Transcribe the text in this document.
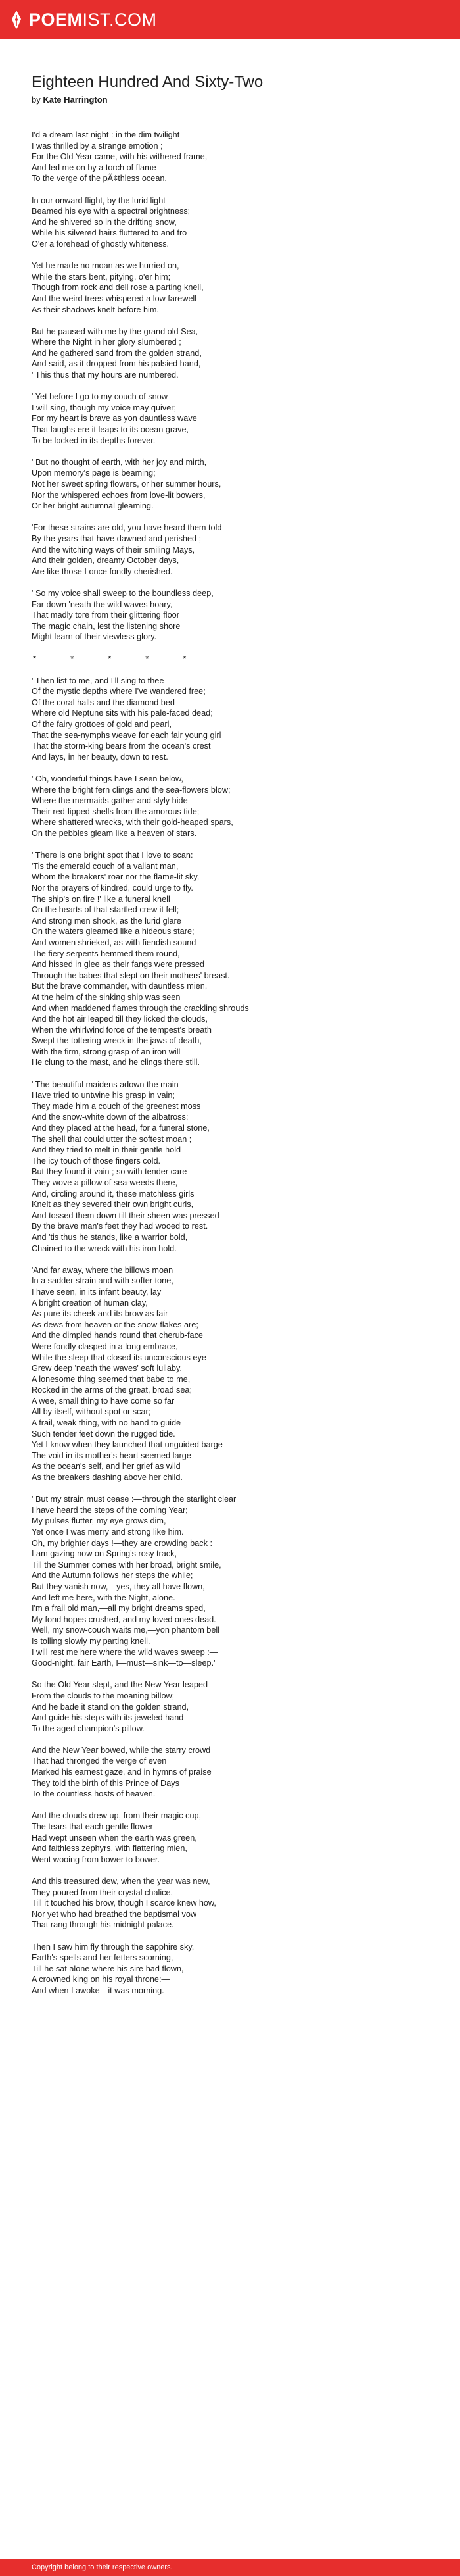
POEMIST.COM
Eighteen Hundred And Sixty-Two
by Kate Harrington
I'd a dream last night : in the dim twilight
I was thrilled by a strange emotion ;
For the Old Year came, with his withered frame,
And led me on by a torch of flame
To the verge of the pÃ¢thless ocean.
In our onward flight, by the lurid light
Beamed his eye with a spectral brightness;
And he shivered so in the drifting snow,
While his silvered hairs fluttered to and fro
O'er a forehead of ghostly whiteness.
Yet he made no moan as we hurried on,
While the stars bent, pitying, o'er him;
Though from rock and dell rose a parting knell,
And the weird trees whispered a low farewell
As their shadows knelt before him.
But he paused with me by the grand old Sea,
Where the Night in her glory slumbered ;
And he gathered sand from the golden strand,
And said, as it dropped from his palsied hand,
' This thus that my hours are numbered.
' Yet before I go to my couch of snow
I will sing, though my voice may quiver;
For my heart is brave as yon dauntless wave
That laughs ere it leaps to its ocean grave,
To be locked in its depths forever.
' But no thought of earth, with her joy and mirth,
Upon memory's page is beaming;
Not her sweet spring flowers, or her summer hours,
Nor the whispered echoes from love-lit bowers,
Or her bright autumnal gleaming.
'For these strains are old, you have heard them told
By the years that have dawned and perished ;
And the witching ways of their smiling Mays,
And their golden, dreamy October days,
Are like those I once fondly cherished.
' So my voice shall sweep to the boundless deep,
Far down 'neath the wild waves hoary,
That madly tore from their glittering floor
The magic chain, lest the listening shore
Might learn of their viewless glory.
*	*	*	*	*
' Then list to me, and I'll sing to thee
Of the mystic depths where I've wandered free;
Of the coral halls and the diamond bed
Where old Neptune sits with his pale-faced dead;
Of the fairy grottoes of gold and pearl,
That the sea-nymphs weave for each fair young girl
That the storm-king bears from the ocean's crest
And lays, in her beauty, down to rest.
' Oh, wonderful things have I seen below,
Where the bright fern clings and the sea-flowers blow;
Where the mermaids gather and slyly hide
Their red-lipped shells from the amorous tide;
Where shattered wrecks, with their gold-heaped spars,
On the pebbles gleam like a heaven of stars.
' There is one bright spot that I love to scan:
'Tis the emerald couch of a valiant man,
Whom the breakers' roar nor the flame-lit sky,
Nor the prayers of kindred, could urge to fly.
The ship's on fire !' like a funeral knell
On the hearts of that startled crew it fell;
And strong men shook, as the lurid glare
On the waters gleamed like a hideous stare;
And women shrieked, as with fiendish sound
The fiery serpents hemmed them round,
And hissed in glee as their fangs were pressed
Through the babes that slept on their mothers' breast.
But the brave commander, with dauntless mien,
At the helm of the sinking ship was seen
And when maddened flames through the crackling shrouds
And the hot air leaped till they licked the clouds,
When the whirlwind force of the tempest's breath
Swept the tottering wreck in the jaws of death,
With the firm, strong grasp of an iron will
He clung to the mast, and he clings there still.
' The beautiful maidens adown the main
Have tried to untwine his grasp in vain;
They made him a couch of the greenest moss
And the snow-white down of the albatross;
And they placed at the head, for a funeral stone,
The shell that could utter the softest moan ;
And they tried to melt in their gentle hold
The icy touch of those fingers cold.
But they found it vain ; so with tender care
They wove a pillow of sea-weeds there,
And, circling around it, these matchless girls
Knelt as they severed their own bright curls,
And tossed them down till their sheen was pressed
By the brave man's feet they had wooed to rest.
And 'tis thus he stands, like a warrior bold,
Chained to the wreck with his iron hold.
'And far away, where the billows moan
In a sadder strain and with softer tone,
I have seen, in its infant beauty, lay
A bright creation of human clay,
As pure its cheek and its brow as fair
As dews from heaven or the snow-flakes are;
And the dimpled hands round that cherub-face
Were fondly clasped in a long embrace,
While the sleep that closed its unconscious eye
Grew deep 'neath the waves' soft lullaby.
A lonesome thing seemed that babe to me,
Rocked in the arms of the great, broad sea;
A wee, small thing to have come so far
All by itself, without spot or scar;
A frail, weak thing, with no hand to guide
Such tender feet down the rugged tide.
Yet I know when they launched that unguided barge
The void in its mother's heart seemed large
As the ocean's self, and her grief as wild
As the breakers dashing above her child.
' But my strain must cease :—through the starlight clear
I have heard the steps of the coming Year;
My pulses flutter, my eye grows dim,
Yet once I was merry and strong like him.
Oh, my brighter days !—they are crowding back :
I am gazing now on Spring's rosy track,
Till the Summer comes with her broad, bright smile,
And the Autumn follows her steps the while;
But they vanish now,—yes, they all have flown,
And left me here, with the Night, alone.
I'm a frail old man,—all my bright dreams sped,
My fond hopes crushed, and my loved ones dead.
Well, my snow-couch waits me,—yon phantom bell
Is tolling slowly my parting knell.
I will rest me here where the wild waves sweep :—
Good-night, fair Earth, I—must—sink—to—sleep.'
So the Old Year slept, and the New Year leaped
From the clouds to the moaning billow;
And he bade it stand on the golden strand,
And guide his steps with its jeweled hand
To the aged champion's pillow.
And the New Year bowed, while the starry crowd
That had thronged the verge of even
Marked his earnest gaze, and in hymns of praise
They told the birth of this Prince of Days
To the countless hosts of heaven.
And the clouds drew up, from their magic cup,
The tears that each gentle flower
Had wept unseen when the earth was green,
And faithless zephyrs, with flattering mien,
Went wooing from bower to bower.
And this treasured dew, when the year was new,
They poured from their crystal chalice,
Till it touched his brow, though I scarce knew how,
Nor yet who had breathed the baptismal vow
That rang through his midnight palace.
Then I saw him fly through the sapphire sky,
Earth's spells and her fetters scorning,
Till he sat alone where his sire had flown,
A crowned king on his royal throne:—
And when I awoke—it was morning.
Copyright belong to their respective owners.
